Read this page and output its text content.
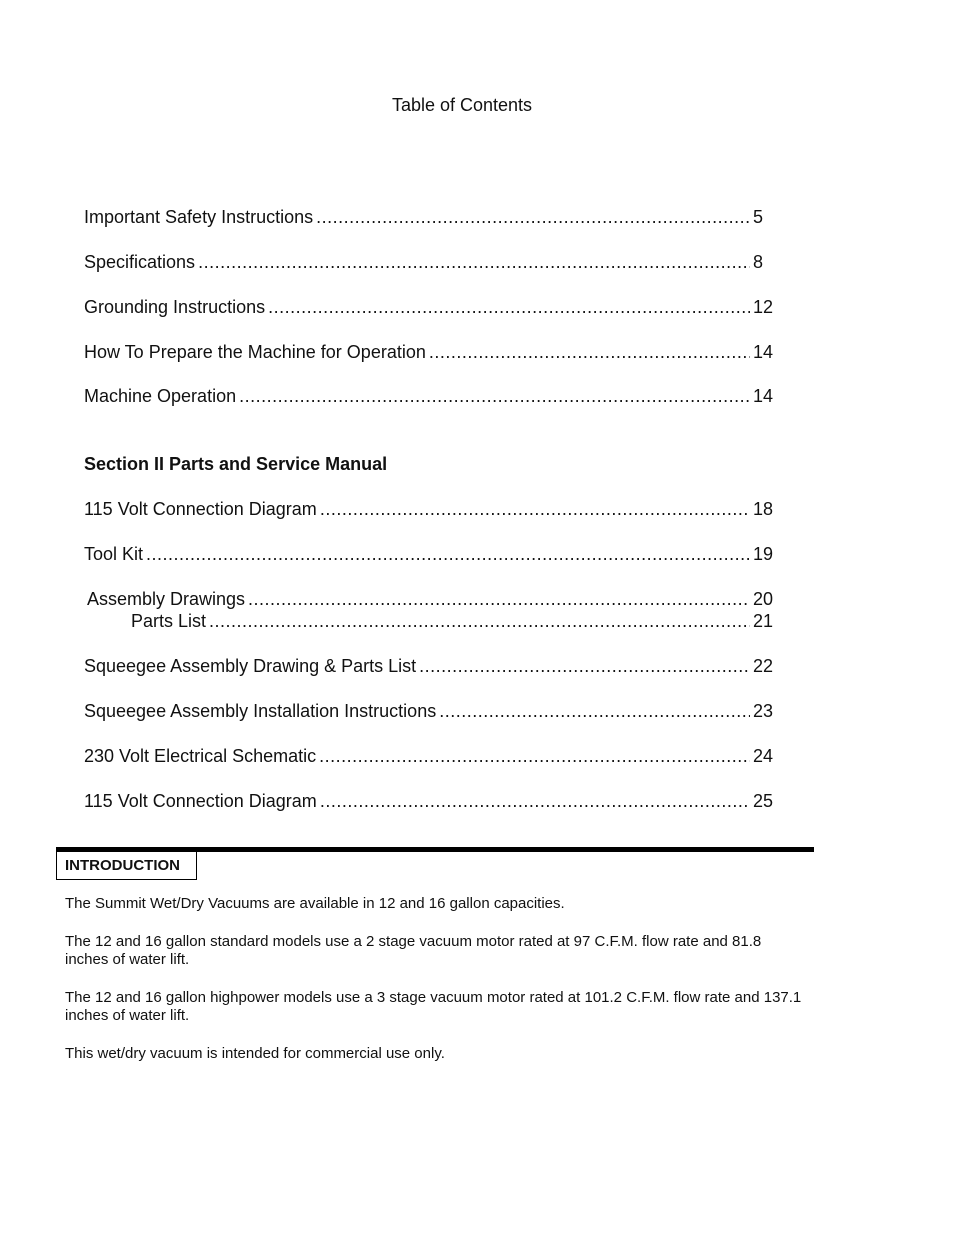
Table of Contents
Important Safety Instructions .....	5
Specifications .....	8
Grounding Instructions .....	12
How To Prepare the Machine for Operation .....	14
Machine Operation .....	14
Section II Parts and Service Manual
115 Volt Connection Diagram .....	18
Tool Kit .....	19
Assembly Drawings .....	20
Parts List .....	21
Squeegee Assembly Drawing & Parts List .....	22
Squeegee Assembly Installation Instructions .....	23
230 Volt Electrical Schematic .....	24
115 Volt Connection Diagram .....	25
INTRODUCTION
The Summit Wet/Dry Vacuums are available in 12 and 16 gallon capacities.
The 12 and 16 gallon standard models use a 2 stage vacuum motor rated at 97 C.F.M. flow rate and 81.8 inches of water lift.
The 12 and 16 gallon highpower models use a 3 stage vacuum motor rated at 101.2 C.F.M. flow rate and 137.1 inches of water lift.
This wet/dry vacuum is intended for commercial use only.
